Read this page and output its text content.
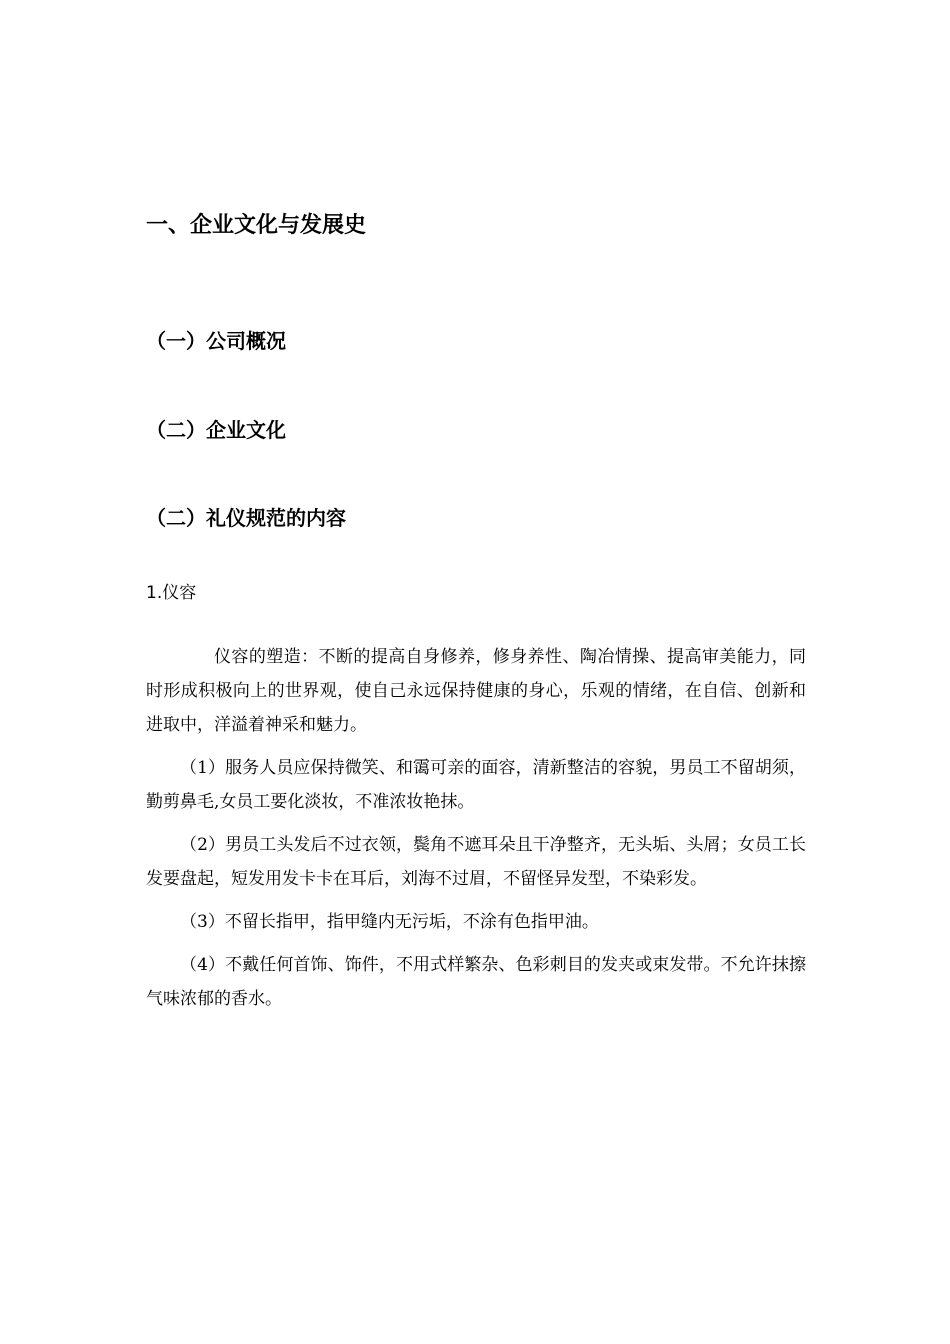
一、企业文化与发展史
（一）公司概况
（二）企业文化
（二）礼仪规范的内容
1.仪容

仪容的塑造：不断的提高自身修养，修身养性、陶冶情操、提高审美能力，同时形成积极向上的世界观，使自己永远保持健康的身心，乐观的情绪，在自信、创新和进取中，洋溢着神采和魅力。

（1）服务人员应保持微笑、和霭可亲的面容，清新整洁的容貌，男员工不留胡须，勤剪鼻毛,女员工要化淡妆，不准浓妆艳抹。

（2）男员工头发后不过衣领，鬓角不遮耳朵且干净整齐，无头垢、头屑；女员工长发要盘起，短发用发卡卡在耳后，刘海不过眉，不留怪异发型，不染彩发。

（3）不留长指甲，指甲缝内无污垢，不涂有色指甲油。

（4）不戴任何首饰、饰件，不用式样繁杂、色彩刺目的发夹或束发带。不允许抹擦气味浓郁的香水。
